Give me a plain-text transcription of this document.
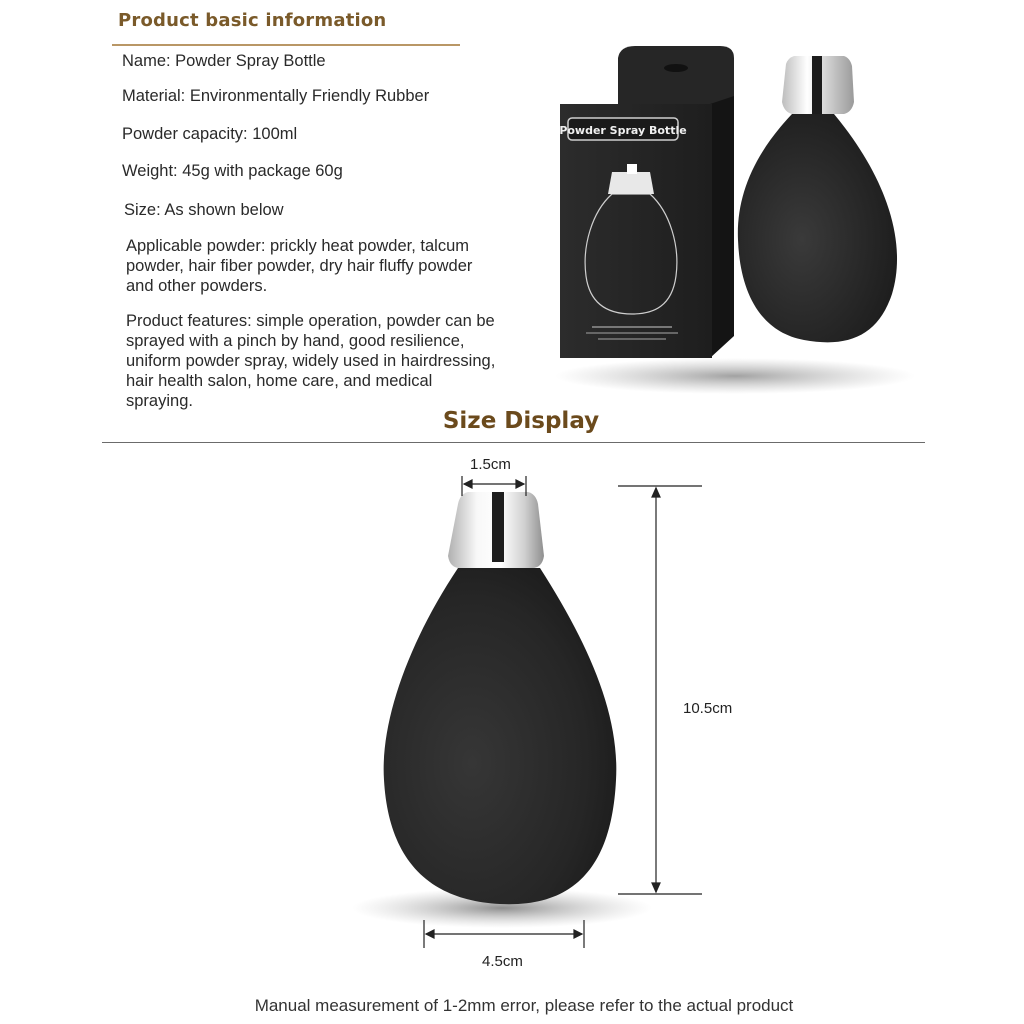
Product basic information
Name: Powder Spray Bottle
Material: Environmentally Friendly Rubber
Powder capacity: 100ml
Weight: 45g with package 60g
Size: As shown below
Applicable powder: prickly heat powder, talcum
powder, hair fiber powder, dry hair fluffy powder
and other powders.
Product features: simple operation, powder can be
sprayed with a pinch by hand, good resilience,
uniform powder spray, widely used in hairdressing,
hair health salon, home care, and medical
spraying.
Powder Spray Bottle
Size Display
1.5cm
10.5cm
4.5cm
Manual measurement of 1-2mm error, please refer to the actual product
